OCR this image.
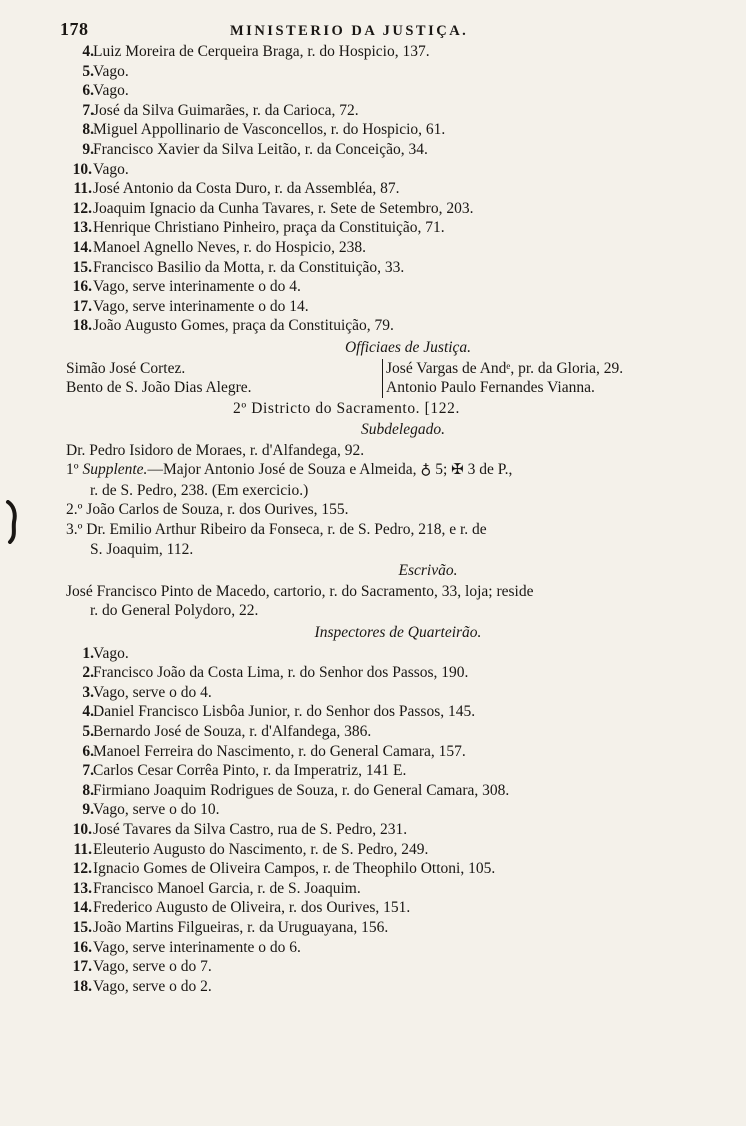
178	MINISTERIO DA JUSTIÇA.
4. Luiz Moreira de Cerqueira Braga, r. do Hospicio, 137.
5. Vago.
6. Vago.
7. José da Silva Guimarães, r. da Carioca, 72.
8. Miguel Appollinario de Vasconcellos, r. do Hospicio, 61.
9. Francisco Xavier da Silva Leitão, r. da Conceição, 34.
10. Vago.
11. José Antonio da Costa Duro, r. da Assembléa, 87.
12. Joaquim Ignacio da Cunha Tavares, r. Sete de Setembro, 203.
13. Henrique Christiano Pinheiro, praça da Constituição, 71.
14. Manoel Agnello Neves, r. do Hospicio, 238.
15. Francisco Basilio da Motta, r. da Constituição, 33.
16. Vago, serve interinamente o do 4.
17. Vago, serve interinamente o do 14.
18. João Augusto Gomes, praça da Constituição, 79.
Officiaes de Justiça.
Simão José Cortez.
Bento de S. João Dias Alegre.
José Vargas de Andᵉ, pr. da Gloria, 29.
Antonio Paulo Fernandes Vianna.
2º Districto do Sacramento. [122.
Subdelegado.
Dr. Pedro Isidoro de Moraes, r. d'Alfandega, 92.
1º Supplente.—Major Antonio José de Souza e Almeida, ♁ 5; ✠ 3 de P.,
r. de S. Pedro, 238. (Em exercicio.)
2.º João Carlos de Souza, r. dos Ourives, 155.
3.º Dr. Emilio Arthur Ribeiro da Fonseca, r. de S. Pedro, 218, e r. de
S. Joaquim, 112.
Escrivão.
José Francisco Pinto de Macedo, cartorio, r. do Sacramento, 33, loja; reside
r. do General Polydoro, 22.
Inspectores de Quarteirão.
1. Vago.
2. Francisco João da Costa Lima, r. do Senhor dos Passos, 190.
3. Vago, serve o do 4.
4. Daniel Francisco Lisbôa Junior, r. do Senhor dos Passos, 145.
5. Bernardo José de Souza, r. d'Alfandega, 386.
6. Manoel Ferreira do Nascimento, r. do General Camara, 157.
7. Carlos Cesar Corrêa Pinto, r. da Imperatriz, 141 E.
8. Firmiano Joaquim Rodrigues de Souza, r. do General Camara, 308.
9. Vago, serve o do 10.
10. José Tavares da Silva Castro, rua de S. Pedro, 231.
11. Eleuterio Augusto do Nascimento, r. de S. Pedro, 249.
12. Ignacio Gomes de Oliveira Campos, r. de Theophilo Ottoni, 105.
13. Francisco Manoel Garcia, r. de S. Joaquim.
14. Frederico Augusto de Oliveira, r. dos Ourives, 151.
15. João Martins Filgueiras, r. da Uruguayana, 156.
16. Vago, serve interinamente o do 6.
17. Vago, serve o do 7.
18. Vago, serve o do 2.
